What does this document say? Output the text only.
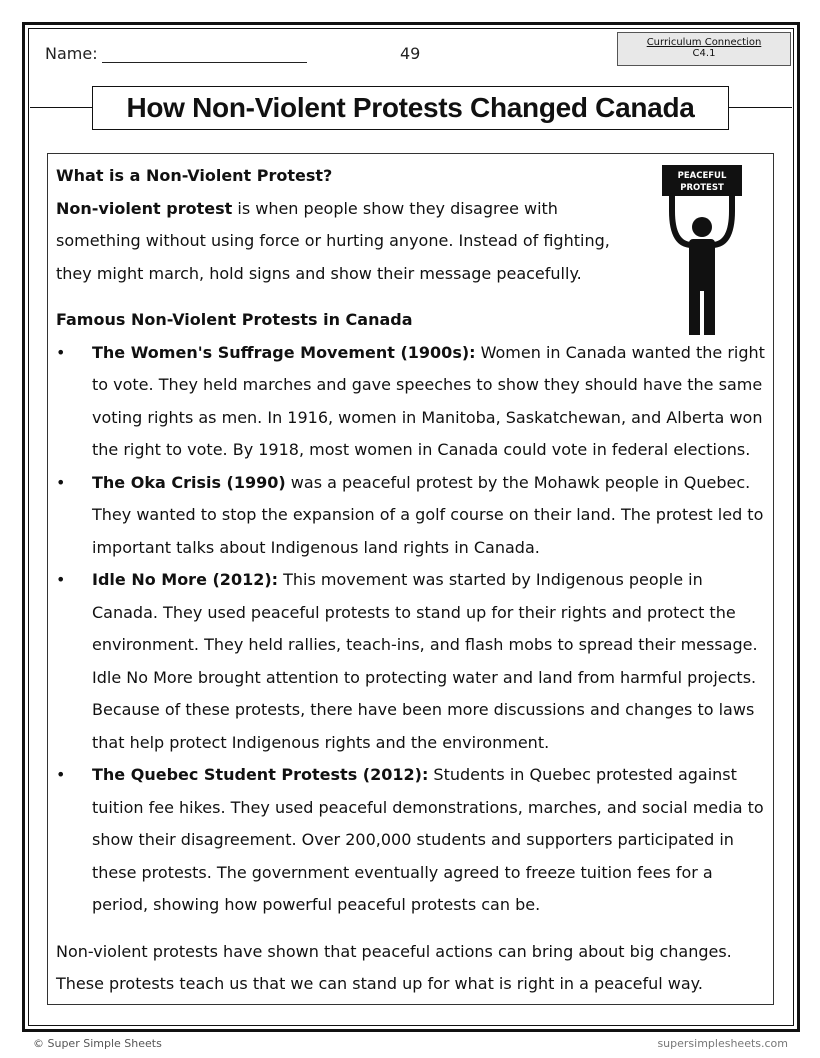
Name:	49
Curriculum Connection
C4.1
How Non-Violent Protests Changed Canada
PEACEFUL
PROTEST

What is a Non-Violent Protest?

Non-violent protest is when people show they disagree with something without using force or hurting anyone. Instead of fighting, they might march, hold signs and show their message peacefully.

Famous Non-Violent Protests in Canada

• The Women's Suffrage Movement (1900s): Women in Canada wanted the right to vote. They held marches and gave speeches to show they should have the same voting rights as men. In 1916, women in Manitoba, Saskatchewan, and Alberta won the right to vote. By 1918, most women in Canada could vote in federal elections.
• The Oka Crisis (1990) was a peaceful protest by the Mohawk people in Quebec. They wanted to stop the expansion of a golf course on their land. The protest led to important talks about Indigenous land rights in Canada.
• Idle No More (2012): This movement was started by Indigenous people in Canada. They used peaceful protests to stand up for their rights and protect the environment. They held rallies, teach-ins, and flash mobs to spread their message. Idle No More brought attention to protecting water and land from harmful projects. Because of these protests, there have been more discussions and changes to laws that help protect Indigenous rights and the environment.
• The Quebec Student Protests (2012): Students in Quebec protested against tuition fee hikes. They used peaceful demonstrations, marches, and social media to show their disagreement. Over 200,000 students and supporters participated in these protests. The government eventually agreed to freeze tuition fees for a period, showing how powerful peaceful protests can be.

Non-violent protests have shown that peaceful actions can bring about big changes. These protests teach us that we can stand up for what is right in a peaceful way.

© Super Simple Sheets	supersimplesheets.com
